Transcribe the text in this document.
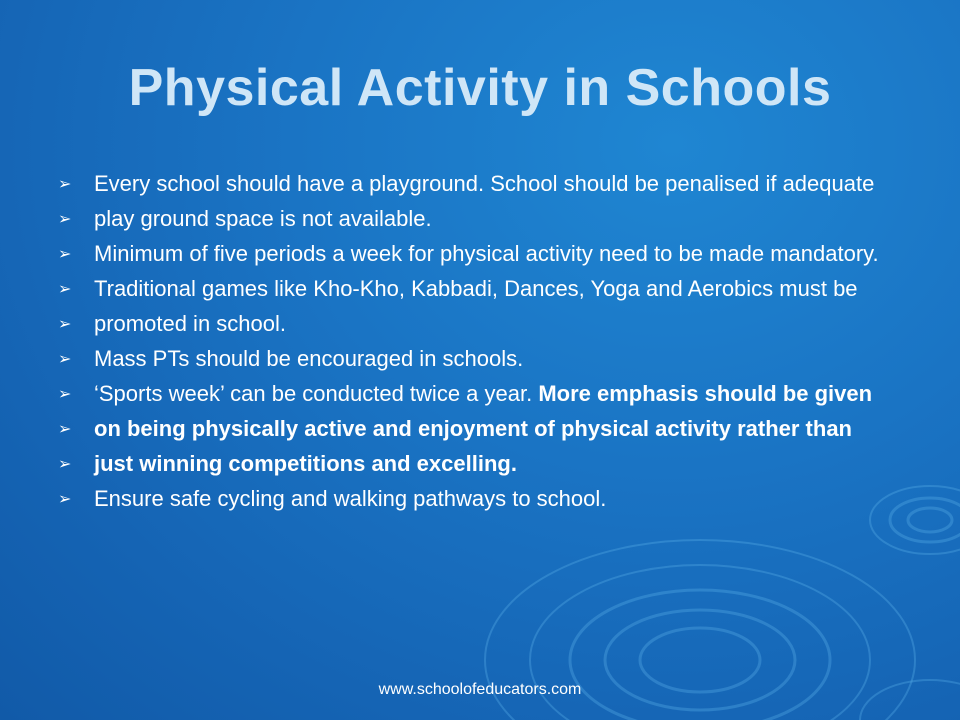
Physical Activity in Schools
➢ Every school should have a playground. School should be penalised if adequate
➢ play ground space is not available.
➢ Minimum of five periods a week for physical activity need to be made mandatory.
➢ Traditional games like Kho-Kho, Kabbadi, Dances, Yoga and Aerobics must be
➢ promoted in school.
➢ Mass PTs should be encouraged in schools.
➢ ‘Sports week’ can be conducted twice a year. More emphasis should be given
➢ on being physically active and enjoyment of physical activity rather than
➢ just winning competitions and excelling.
➢ Ensure safe cycling and walking pathways to school.
www.schoolofeducators.com
